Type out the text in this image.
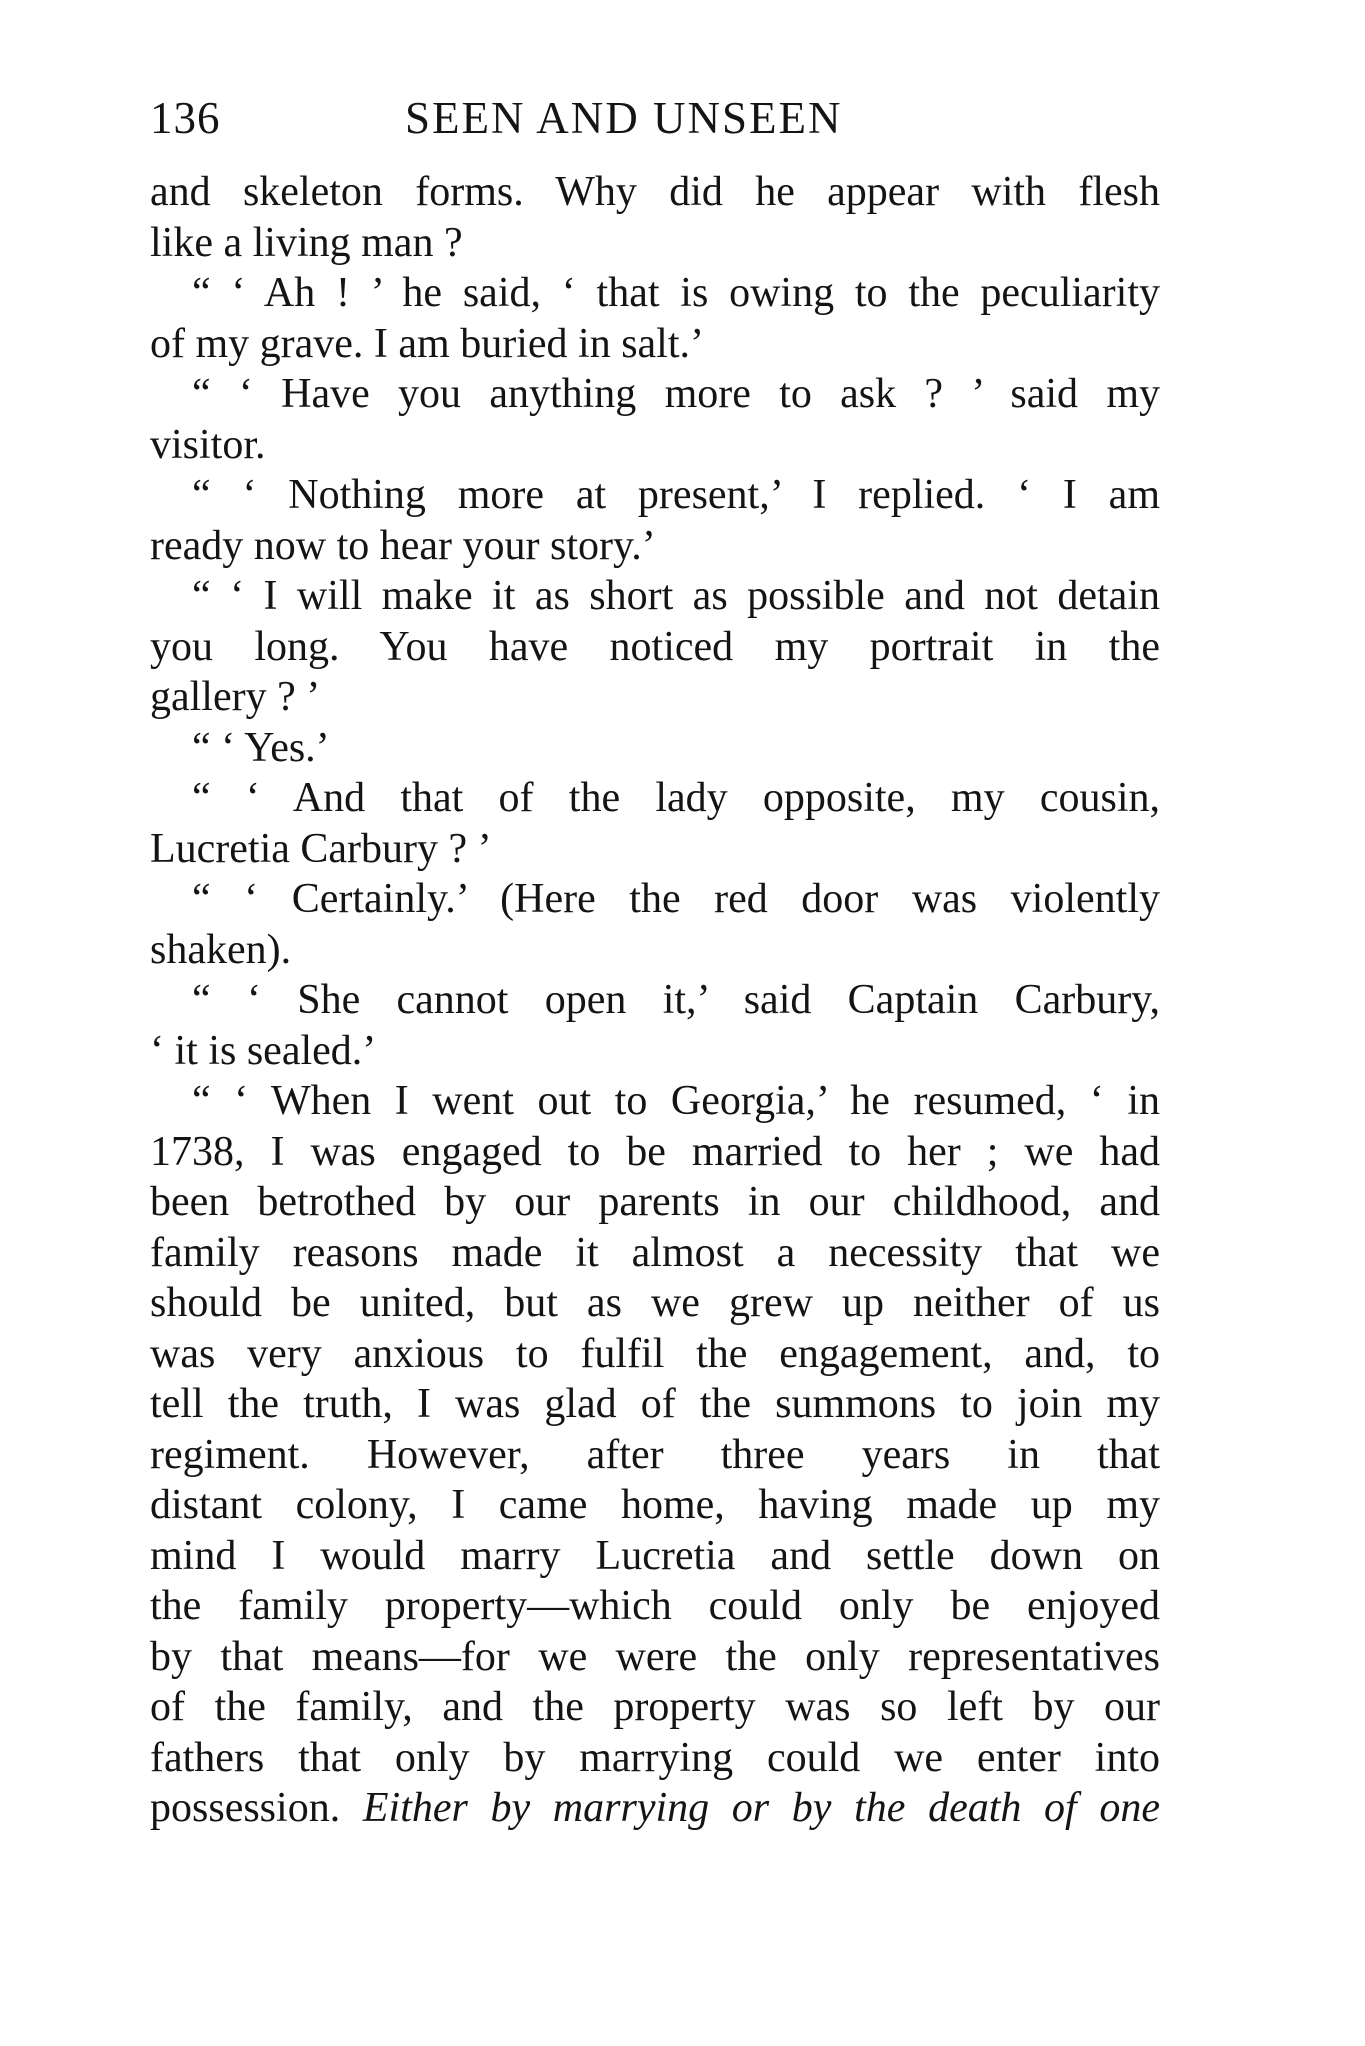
136	SEEN AND UNSEEN
and skeleton forms. Why did he appear with flesh
like a living man ?
“ ‘ Ah ! ’ he said, ‘ that is owing to the peculiarity
of my grave. I am buried in salt.’
“ ‘ Have you anything more to ask ? ’ said my
visitor.
“ ‘ Nothing more at present,’ I replied. ‘ I am
ready now to hear your story.’
“ ‘ I will make it as short as possible and not detain
you long. You have noticed my portrait in the
gallery ? ’
“ ‘ Yes.’
“ ‘ And that of the lady opposite, my cousin,
Lucretia Carbury ? ’
“ ‘ Certainly.’ (Here the red door was violently
shaken).
“ ‘ She cannot open it,’ said Captain Carbury,
‘ it is sealed.’
“ ‘ When I went out to Georgia,’ he resumed, ‘ in
1738, I was engaged to be married to her ; we had
been betrothed by our parents in our childhood, and
family reasons made it almost a necessity that we
should be united, but as we grew up neither of us
was very anxious to fulfil the engagement, and, to
tell the truth, I was glad of the summons to join my
regiment. However, after three years in that
distant colony, I came home, having made up my
mind I would marry Lucretia and settle down on
the family property—which could only be enjoyed
by that means—for we were the only representatives
of the family, and the property was so left by our
fathers that only by marrying could we enter into
possession. Either by marrying or by the death of one
